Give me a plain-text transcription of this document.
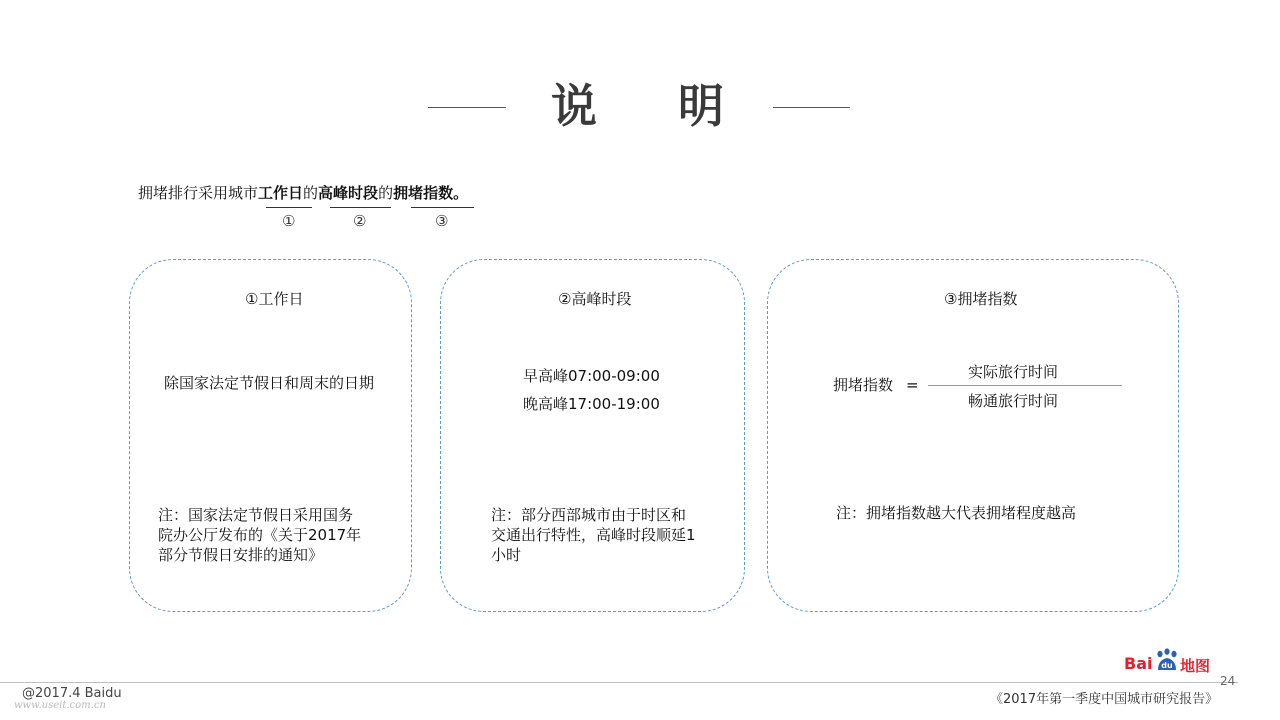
说 明
拥堵排行采用城市工作日的高峰时段的拥堵指数。
①	②	③
①工作日
除国家法定节假日和周末的日期
注：国家法定节假日采用国务
院办公厅发布的《关于2017年
部分节假日安排的通知》
②高峰时段
早高峰07:00-09:00
晚高峰17:00-19:00
注：部分西部城市由于时区和
交通出行特性，高峰时段顺延1
小时
③拥堵指数
拥堵指数 =
实际旅行时间
畅通旅行时间
注：拥堵指数越大代表拥堵程度越高
Bai du 地图
24
@2017.4 Baidu
www.useit.com.cn	《2017年第一季度中国城市研究报告》
